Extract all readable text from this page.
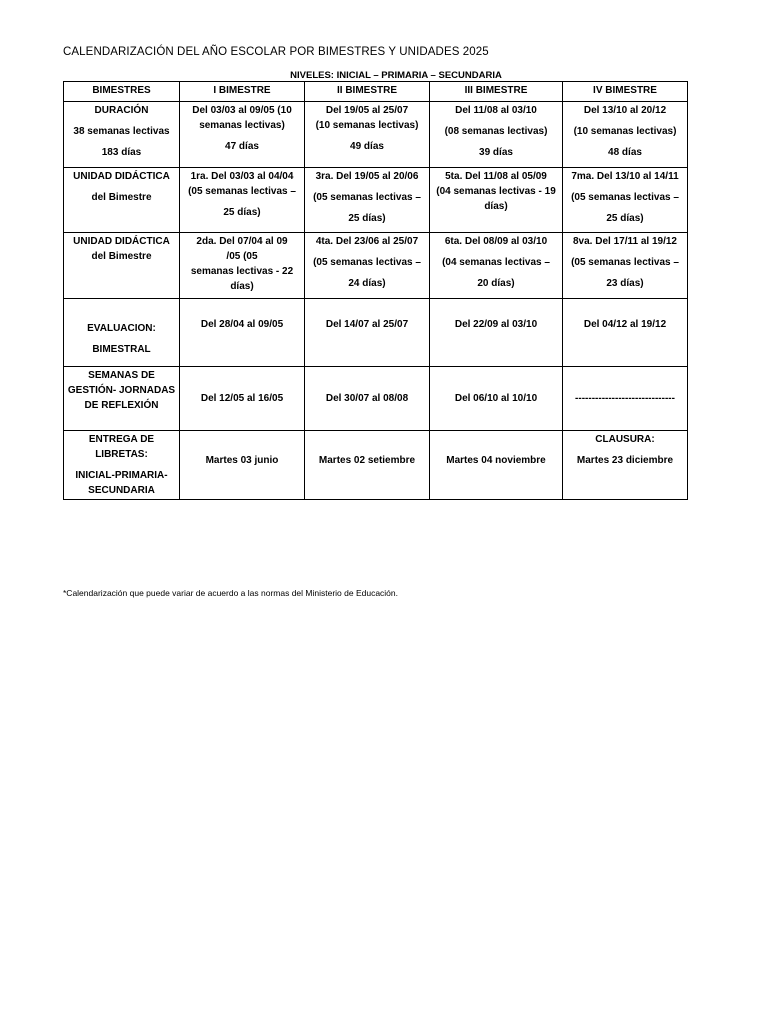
CALENDARIZACIÓN DEL AÑO ESCOLAR POR BIMESTRES Y UNIDADES 2025
NIVELES: INICIAL – PRIMARIA – SECUNDARIA
BIMESTRES	I BIMESTRE	II BIMESTRE	III BIMESTRE	IV BIMESTRE

DURACIÓN
38 semanas lectivas
183 días	Del 03/03 al 09/05 (10
semanas lectivas)
47 días	Del 19/05 al 25/07
(10 semanas lectivas)
49 días	Del 11/08 al 03/10
(08 semanas lectivas)
39 días	Del 13/10 al 20/12
(10 semanas lectivas)
48 días

UNIDAD DIDÁCTICA
del Bimestre	1ra. Del 03/03 al 04/04
(05 semanas lectivas –
25 días)	3ra. Del 19/05 al 20/06
(05 semanas lectivas –
25 días)	5ta. Del 11/08 al 05/09
(04 semanas lectivas - 19
días)	7ma. Del 13/10 al 14/11
(05 semanas lectivas –
25 días)

UNIDAD DIDÁCTICA
del Bimestre	2da. Del 07/04 al 09
/05 (05
semanas lectivas - 22
días)	4ta. Del 23/06 al 25/07
(05 semanas lectivas –
24 días)	6ta. Del 08/09 al 03/10
(04 semanas lectivas –
20 días)	8va. Del 17/11 al 19/12
(05 semanas lectivas –
23 días)

EVALUACION:
BIMESTRAL	Del 28/04 al 09/05	Del 14/07 al 25/07	Del 22/09 al 03/10	Del 04/12 al 19/12

SEMANAS DE
GESTIÓN- JORNADAS
DE REFLEXIÓN	Del 12/05 al 16/05	Del 30/07 al 08/08	Del 06/10 al 10/10	------------------------------

ENTREGA DE LIBRETAS:
INICIAL-PRIMARIA-
SECUNDARIA	Martes 03 junio	Martes 02 setiembre	Martes 04 noviembre	CLAUSURA:
Martes 23 diciembre
*Calendarización que puede variar de acuerdo a las normas del Ministerio de Educación.
